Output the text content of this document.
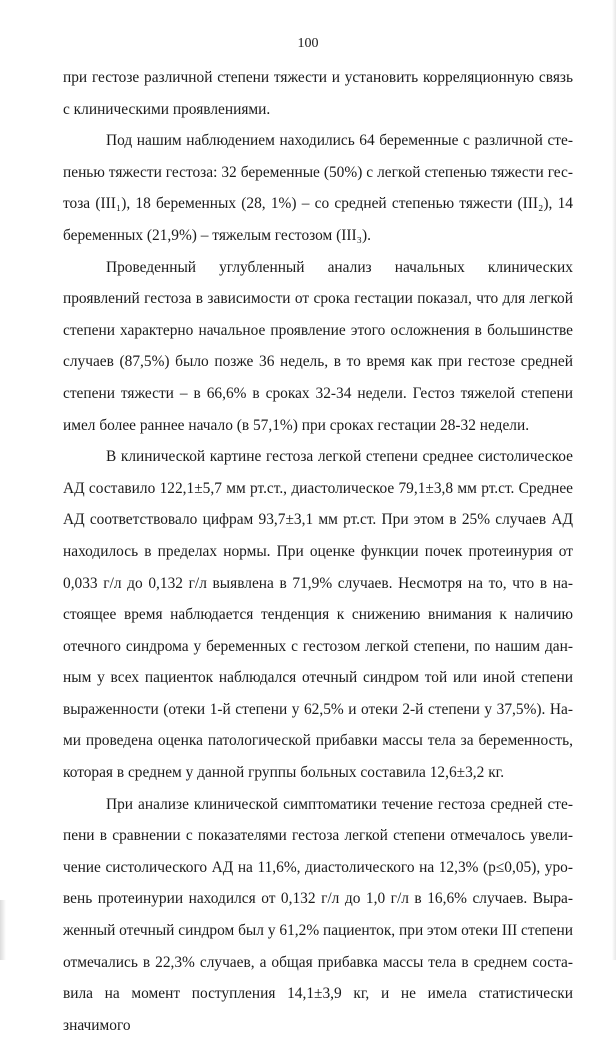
100

при гестозе различной степени тяжести и установить корреляционную связь с клиническими проявлениями.

Под нашим наблюдением находились 64 беременные с различной степенью тяжести гестоза: 32 беременные (50%) с легкой степенью тяжести гестоза (III₁), 18 беременных (28, 1%) – со средней степенью тяжести (III₂), 14 беременных (21,9%) – тяжелым гестозом (III₃).

Проведенный углубленный анализ начальных клинических проявлений гестоза в зависимости от срока гестации показал, что для легкой степени характерно начальное проявление этого осложнения в большинстве случаев (87,5%) было позже 36 недель, в то время как при гестозе средней степени тяжести – в 66,6% в сроках 32-34 недели. Гестоз тяжелой степени имел более раннее начало (в 57,1%) при сроках гестации 28-32 недели.

В клинической картине гестоза легкой степени среднее систолическое АД составило 122,1±5,7 мм рт.ст., диастолическое 79,1±3,8 мм рт.ст. Среднее АД соответствовало цифрам 93,7±3,1 мм рт.ст. При этом в 25% случаев АД находилось в пределах нормы. При оценке функции почек протеинурия от 0,033 г/л до 0,132 г/л выявлена в 71,9% случаев. Несмотря на то, что в настоящее время наблюдается тенденция к снижению внимания к наличию отечного синдрома у беременных с гестозом легкой степени, по нашим данным у всех пациенток наблюдался отечный синдром той или иной степени выраженности (отеки 1-й степени у 62,5% и отеки 2-й степени у 37,5%). Нами проведена оценка патологической прибавки массы тела за беременность, которая в среднем у данной группы больных составила 12,6±3,2 кг.

При анализе клинической симптоматики течение гестоза средней степени в сравнении с показателями гестоза легкой степени отмечалось увеличение систолического АД на 11,6%, диастолического на 12,3% (р≤0,05), уровень протеинурии находился от 0,132 г/л до 1,0 г/л в 16,6% случаев. Выраженный отечный синдром был у 61,2% пациенток, при этом отеки III степени отмечались в 22,3% случаев, а общая прибавка массы тела в среднем составила на момент поступления 14,1±3,9 кг, и не имела статистически значимого
